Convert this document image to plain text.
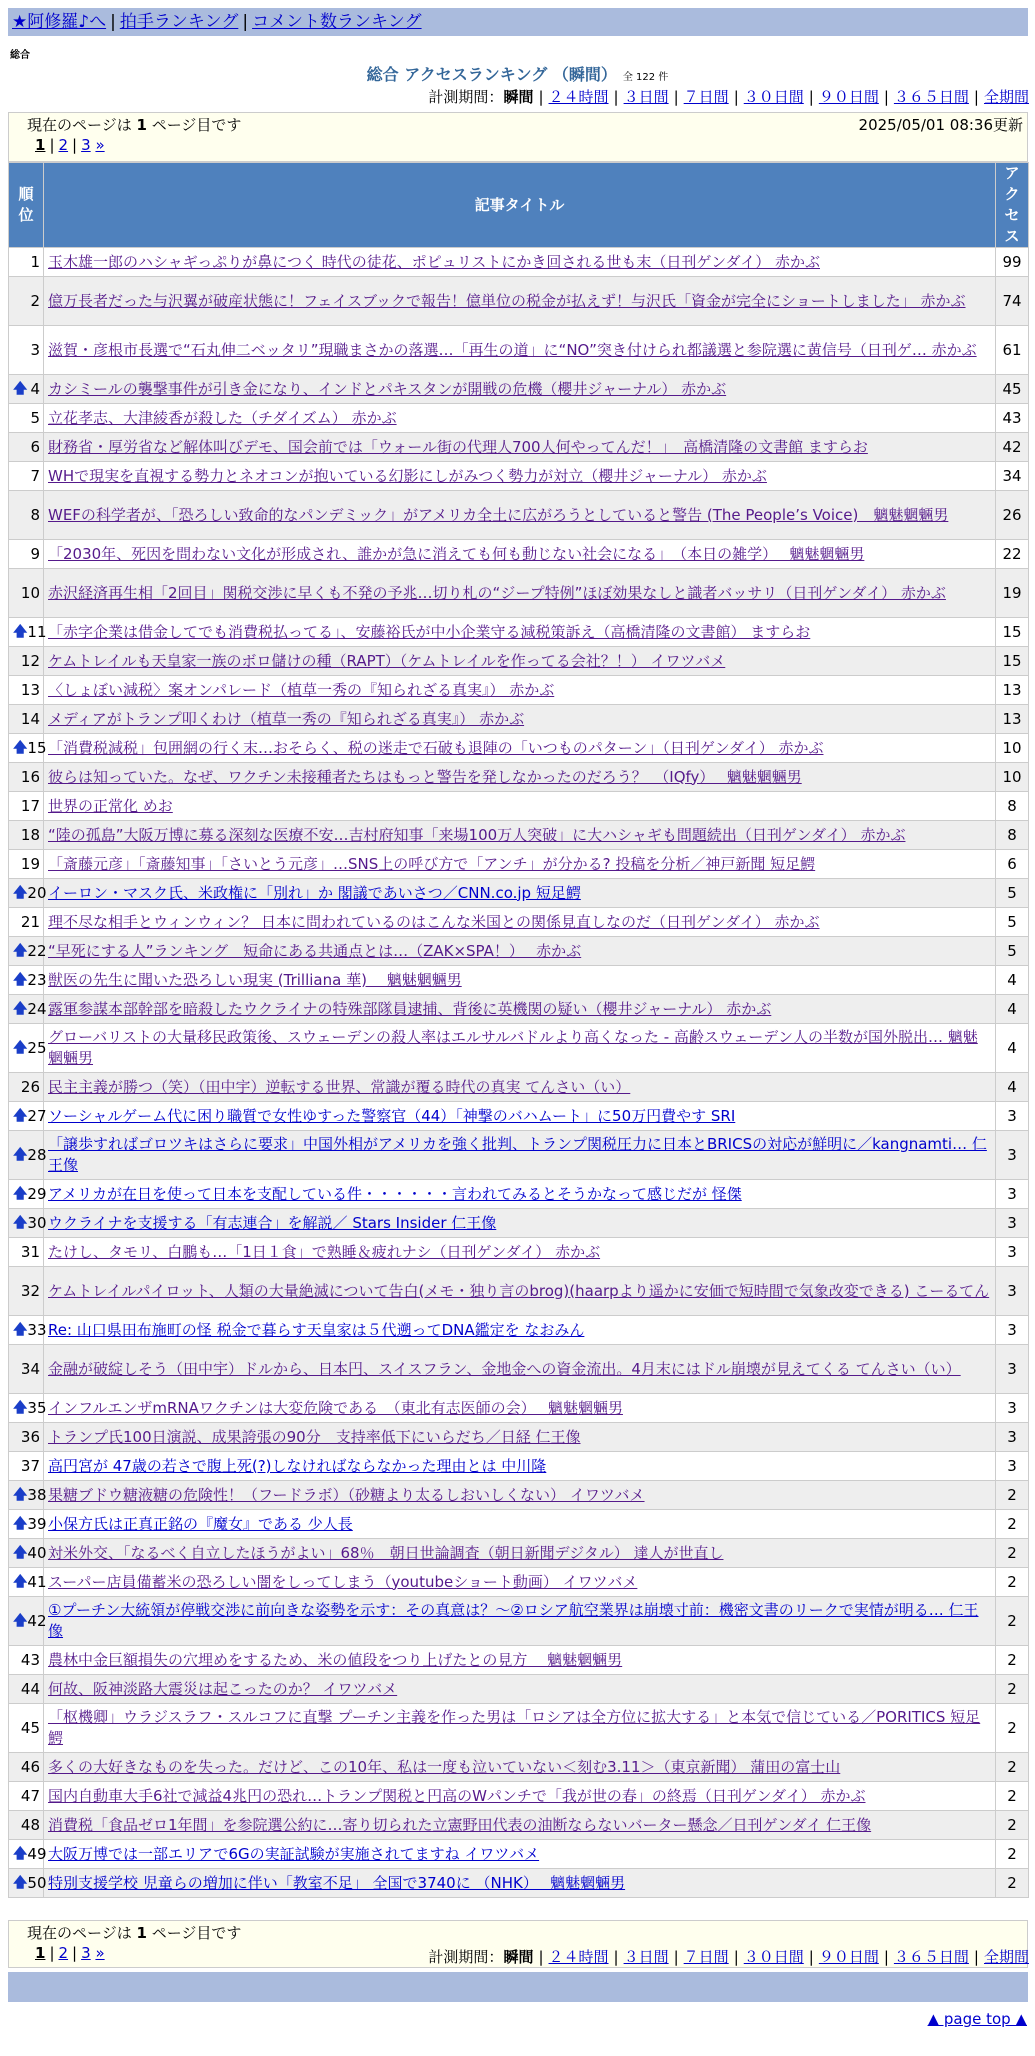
★阿修羅♪へ | 拍手ランキング | コメント数ランキング
総合
総合 アクセスランキング （瞬間） 全 122 件
計測期間：瞬間 | ２４時間 | ３日間 | ７日間 | ３０日間 | ９０日間 | ３６５日間 | 全期間
現在のページは 1 ページ目です	2025/05/01 08:36更新
1 | 2 | 3 »
順
位	記事タイトル	ア
ク
セ
ス
1	玉木雄一郎のハシャギっぷりが鼻につく 時代の徒花、ポピュリストにかき回される世も末（日刊ゲンダイ） 赤かぶ	99
2	億万長者だった与沢翼が破産状態に！フェイスブックで報告！億単位の税金が払えず！与沢氏「資金が完全にショートしました」 赤かぶ	74
3	滋賀・彦根市長選で“石丸伸二ベッタリ”現職まさかの落選…「再生の道」に“NO”突き付けられ都議選と参院選に黄信号（日刊ゲ… 赤かぶ	61

🡅 4	カシミールの襲撃事件が引き金になり、インドとパキスタンが開戦の危機（櫻井ジャーナル） 赤かぶ	45
5	立花孝志、大津綾香が殺した（チダイズム） 赤かぶ	43
6	財務省・厚労省など解体叫びデモ、国会前では「ウォール街の代理人700人何やってんだ！」　高橋清隆の文書館 ますらお	42
7	WHで現実を直視する勢力とネオコンが抱いている幻影にしがみつく勢力が対立（櫻井ジャーナル） 赤かぶ	34
8	WEFの科学者が、「恐ろしい致命的なパンデミック」がアメリカ全土に広がろうとしていると警告 (The People’s Voice)　魑魅魍魎男	26
9	「2030年、死因を問わない文化が形成され、誰かが急に消えても何も動じない社会になる」　（本日の雑学）　 魑魅魍魎男	22
10	赤沢経済再生相「2回目」関税交渉に早くも不発の予兆…切り札の“ジープ特例”ほぼ効果なしと識者バッサリ（日刊ゲンダイ） 赤かぶ	19

🡅 11	「赤字企業は借金してでも消費税払ってる」、安藤裕氏が中小企業守る減税策訴え（高橋清隆の文書館） ますらお	15
12	ケムトレイルも天皇家一族のボロ儲けの種（RAPT）（ケムトレイルを作ってる会社？！） イワツバメ	15
13	〈しょぼい減税〉案オンパレード（植草一秀の『知られざる真実』） 赤かぶ	13
14	メディアがトランプ叩くわけ（植草一秀の『知られざる真実』） 赤かぶ	13

🡅 15	「消費税減税」包囲網の行く末…おそらく、税の迷走で石破も退陣の「いつものパターン」（日刊ゲンダイ） 赤かぶ	10
16	彼らは知っていた。なぜ、ワクチン未接種者たちはもっと警告を発しなかったのだろう？　（IQfy）　 魑魅魍魎男	10
17	世界の正常化 めお	8
18	“陸の孤島”大阪万博に募る深刻な医療不安…吉村府知事「来場100万人突破」に大ハシャギも問題続出（日刊ゲンダイ） 赤かぶ	8
19	「斎藤元彦」「斎藤知事」「さいとう元彦」…SNS上の呼び方で「アンチ」が分かる? 投稿を分析／神戸新聞 短足鰐	6

🡅 20	イーロン・マスク氏、米政権に「別れ」か 閣議であいさつ／CNN.co.jp 短足鰐	5
21	理不尽な相手とウィンウィン？ 日本に問われているのはこんな米国との関係見直しなのだ（日刊ゲンダイ） 赤かぶ	5

🡅 22	“早死にする人”ランキング　短命にある共通点とは…（ZAK×SPA！）　 赤かぶ	5

🡅 23	獣医の先生に聞いた恐ろしい現実 (Trilliana 華)　 魑魅魍魎男	4

🡅 24	露軍参謀本部幹部を暗殺したウクライナの特殊部隊員逮捕、背後に英機関の疑い（櫻井ジャーナル） 赤かぶ	4

🡅 25	グローバリストの大量移民政策後、スウェーデンの殺人率はエルサルバドルより高くなった - 高齢スウェーデン人の半数が国外脱出… 魑魅魍魎男	4
26	民主主義が勝つ（笑）（田中宇）逆転する世界、常識が覆る時代の真実 てんさい（い）	4

🡅 27	ソーシャルゲーム代に困り職質で女性ゆすった警察官（44）「神撃のバハムート」に50万円費やす SRI	3

🡅 28	「譲歩すればゴロツキはさらに要求」中国外相がアメリカを強く批判、トランプ関税圧力に日本とBRICSの対応が鮮明に／kangnamti… 仁王像	3

🡅 29	アメリカが在日を使って日本を支配している件・・・・・・言われてみるとそうかなって感じだが 怪傑	3

🡅 30	ウクライナを支援する「有志連合」を解説／ Stars Insider 仁王像	3
31	たけし、タモリ、白鵬も…「1日１食」で熟睡＆疲れナシ（日刊ゲンダイ） 赤かぶ	3
32	ケムトレイルパイロット、人類の大量絶滅について告白(メモ・独り言のbrog)(haarpより遥かに安価で短時間で気象改変できる) こーるてん	3

🡅 33	Re: 山口県田布施町の怪 税金で暮らす天皇家は５代遡ってDNA鑑定を なおみん	3
34	金融が破綻しそう（田中宇）ドルから、日本円、スイスフラン、金地金への資金流出。4月末にはドル崩壊が見えてくる てんさい（い）	3

🡅 35	インフルエンザmRNAワクチンは大変危険である　（東北有志医師の会）　 魑魅魍魎男	3
36	トランプ氏100日演説、成果誇張の90分　支持率低下にいらだち／日経 仁王像	3
37	高円宮が 47歳の若さで腹上死(?)しなければならなかった理由とは 中川隆	3

🡅 38	果糖ブドウ糖液糖の危険性！（フードラボ）（砂糖より太るしおいしくない） イワツバメ	2

🡅 39	小保方氏は正真正銘の『魔女』である 少人長	2

🡅 40	対米外交、「なるべく自立したほうがよい」68％　朝日世論調査（朝日新聞デジタル） 達人が世直し	2

🡅 41	スーパー店員備蓄米の恐ろしい闇をしってしまう（youtubeショート動画） イワツバメ	2

🡅 42	①プーチン大統領が停戦交渉に前向きな姿勢を示す：その真意は？〜②ロシア航空業界は崩壊寸前：機密文書のリークで実情が明る… 仁王像	2
43	農林中金巨額損失の穴埋めをするため、米の値段をつり上げたとの見方　 魑魅魍魎男	2
44	何故、阪神淡路大震災は起こったのか？ イワツバメ	2
45	「枢機卿」ウラジスラフ・スルコフに直撃 プーチン主義を作った男は「ロシアは全方位に拡大する」と本気で信じている／PORITICS 短足鰐	2
46	多くの大好きなものを失った。だけど、この10年、私は一度も泣いていない＜刻む3.11＞（東京新聞） 蒲田の富士山	2
47	国内自動車大手6社で減益4兆円の恐れ…トランプ関税と円高のWパンチで「我が世の春」の終焉（日刊ゲンダイ） 赤かぶ	2
48	消費税「食品ゼロ1年間」を参院選公約に…寄り切られた立憲野田代表の油断ならないバーター懸念／日刊ゲンダイ 仁王像	2

🡅 49	大阪万博では一部エリアで6Gの実証試験が実施されてますね イワツバメ	2

🡅 50	特別支援学校 児童らの増加に伴い「教室不足」 全国で3740に （NHK）　 魑魅魍魎男	2
現在のページは 1 ページ目です
1 | 2 | 3 »	計測期間：瞬間 | ２４時間 | ３日間 | ７日間 | ３０日間 | ９０日間 | ３６５日間 | 全期間
▲ page top ▲
